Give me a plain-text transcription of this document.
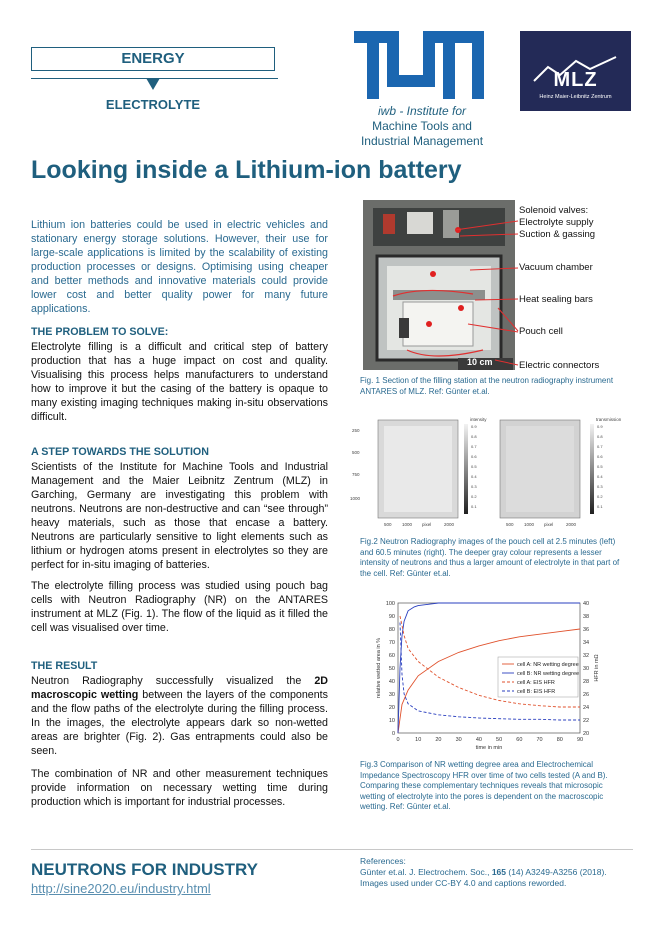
ENERGY
ELECTROLYTE	iwb - Institute for
Machine Tools and
Industrial Management
MLZ
Heinz Maier-Leibnitz Zentrum
Looking inside a Lithium-ion battery
Lithium ion batteries could be used in electric vehicles and stationary energy storage solutions. However, their use for large-scale applications is limited by the scalability of existing production processes or designs. Optimising using cheaper and better methods and innovative materials could provide lower cost and better quality power for many future applications.
THE PROBLEM TO SOLVE:
Electrolyte filling is a difficult and critical step of battery production that has a huge impact on cost and quality. Visualising this process helps manufacturers to understand how to improve it but the casing of the battery is opaque to many existing imaging techniques making in-situ observations difficult.
A STEP TOWARDS THE SOLUTION
Scientists of the Institute for Machine Tools and Industrial Management and the Maier Leibnitz Zentrum (MLZ) in Garching, Germany are investigating this problem with neutrons. Neutrons are non-destructive and can “see through” heavy materials, such as those that encase a battery. Neutrons are particularly sensitive to light elements such as lithium or hydrogen atoms present in electrolytes so they are perfect for in-situ imaging of batteries.
The electrolyte filling process was studied using pouch bag cells with Neutron Radiography (NR) on the ANTARES instrument at MLZ (Fig. 1). The flow of the liquid as it filled the cell was visualised over time.
THE RESULT
Neutron Radiography successfully visualized the 2D macroscopic wetting between the layers of the components and the flow paths of the electrolyte during the filling process. In the images, the electrolyte appears dark so non-wetted areas are brighter (Fig. 2). Gas entrapments could also be seen.
The combination of NR and other measurement techniques provide information on necessary wetting time during production which is important for industrial processes.
10 cm
Solenoid valves:
Electrolyte supply
Suction & gassing
Vacuum chamber
Heat sealing bars
Pouch cell
Electric connectors
Fig. 1 Section of the filling station at the neutron radiography instrument ANTARES of MLZ. Ref: Günter et.al.
250
500
750
1000
500 1000 pixel	2000	500 1000 pixel	2000
intensity	transmission
0.9
0.8
0.7
0.6
0.5
0.4
0.3
0.2
0.1
0.9
0.8
0.7
0.6
0.5
0.4
0.3
0.2
0.1
Fig.2 Neutron Radiography images of the pouch cell at 2.5 minutes (left) and 60.5 minutes (right). The deeper gray colour represents a lesser intensity of neutrons and thus a larger amount of electrolyte in that part of the cell. Ref: Günter et.al.
0	10	20	30	40	50	60	70	80	90
0
10
20
30
40
50
60
70
80
90
100
20
22
24
26
28
30
32
34
36
38
40
time in min
relative wetted area in %	HFR in mΩ
cell A: NR wetting degree
cell B: NR wetting degree
cell A: EIS HFR
cell B: EIS HFR
Fig.3 Comparison of NR wetting degree area and Electrochemical Impedance Spectroscopy HFR over time of two cells tested (A and B). Comparing these complementary techniques reveals that microsopic wetting of electrolyte into the pores is dependent on the macroscopic wetting. Ref: Günter et.al.
NEUTRONS FOR INDUSTRY
http://sine2020.eu/industry.html
References:
Günter et.al. J. Electrochem. Soc., 165 (14) A3249-A3256 (2018).
Images used under CC-BY 4.0 and captions reworded.
